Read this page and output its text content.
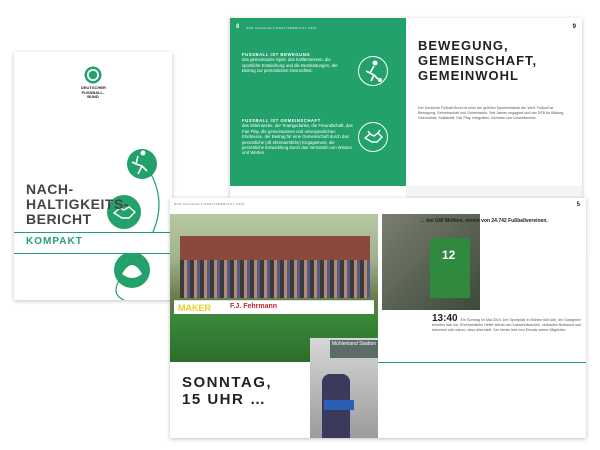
8 DFB NACHHALTIGKEITSBERICHT 2020
FUSSBALL IST BEWEGUNG
das gemeinsame Spiel, das Kräftemessen, die sportliche Entwicklung und die Bestleistungen, der Beitrag zur persönlichen Gesundheit.
FUSSBALL IST GEMEINSCHAFT
das Miteinander, der Teamgedanke, die Freundschaft, das Fair Play, die gemeinsamen und unvergesslichen Erlebnisse, der Beitrag für eine Gemeinschaft durch das persönliche (oft ehrenamtliche) Engagement, die persönliche Entwicklung durch das Vermitteln von Wissen und Werten.
9
BEWEGUNG,
GEMEINSCHAFT,
GEMEINWOHL
Der Deutsche Fußball-Bund ist einer der größten Sportverbände der Welt. Fußball ist Bewegung, Gemeinschaft und Gemeinwohl. Seit Jahren engagiert sich der DFB für Bildung, Gesundheit, Solidarität, Fair Play, Integration, Inklusion und Umweltschutz.
DEUTSCHER FUSSBALL-BUND
NACH-
HALTIGKEITS-
BERICHT
KOMPAKT
DFB NACHHALTIGKEITSBERICHT 2020	5
MAKER	F.J. Fehrmann
12
… bei GW Mühlen, einem von 24.742 Fußballvereinen.
Mühlenland Stadion
SONNTAG,
15 UHR …
13:40 Ein Sonntag im Mai 2019. Der Sportplatz in Mühlen füllt sich, die Gastgeber bereiten sich vor. Ehrenamtliche Helfer stehen am Kassenhäuschen, verkaufen Bratwurst und kümmern sich darum, dass alles läuft. Der Verein lebt vom Einsatz seiner Mitglieder.
